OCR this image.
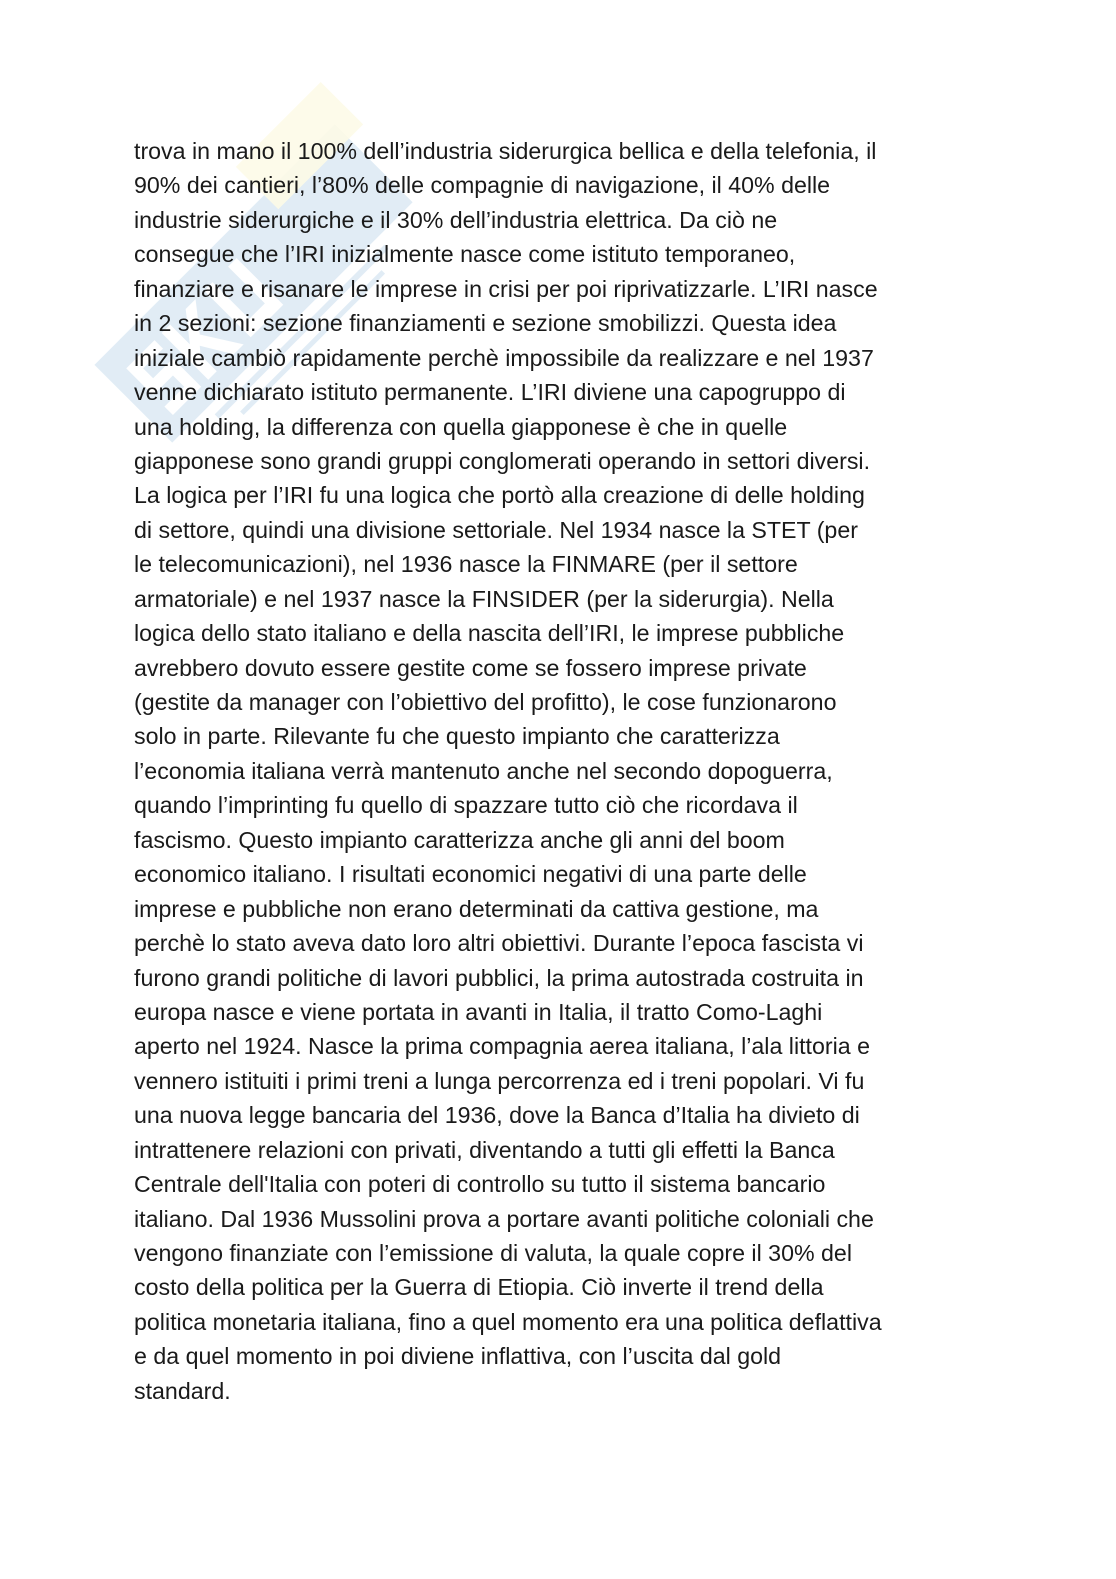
trova in mano il 100% dell’industria siderurgica bellica e della telefonia, il
90% dei cantieri, l’80% delle compagnie di navigazione, il 40% delle
industrie siderurgiche e il 30% dell’industria elettrica. Da ciò ne
consegue che l’IRI inizialmente nasce come istituto temporaneo,
finanziare e risanare le imprese in crisi per poi riprivatizzarle. L’IRI nasce
in 2 sezioni: sezione finanziamenti e sezione smobilizzi. Questa idea
iniziale cambiò rapidamente perchè impossibile da realizzare e nel 1937
venne dichiarato istituto permanente. L’IRI diviene una capogruppo di
una holding, la differenza con quella giapponese è che in quelle
giapponese sono grandi gruppi conglomerati operando in settori diversi.
La logica per l’IRI fu una logica che portò alla creazione di delle holding
di settore, quindi una divisione settoriale. Nel 1934 nasce la STET (per
le telecomunicazioni), nel 1936 nasce la FINMARE (per il settore
armatoriale) e nel 1937 nasce la FINSIDER (per la siderurgia). Nella
logica dello stato italiano e della nascita dell’IRI, le imprese pubbliche
avrebbero dovuto essere gestite come se fossero imprese private
(gestite da manager con l’obiettivo del profitto), le cose funzionarono
solo in parte. Rilevante fu che questo impianto che caratterizza
l’economia italiana verrà mantenuto anche nel secondo dopoguerra,
quando l’imprinting fu quello di spazzare tutto ciò che ricordava il
fascismo. Questo impianto caratterizza anche gli anni del boom
economico italiano. I risultati economici negativi di una parte delle
imprese e pubbliche non erano determinati da cattiva gestione, ma
perchè lo stato aveva dato loro altri obiettivi. Durante l’epoca fascista vi
furono grandi politiche di lavori pubblici, la prima autostrada costruita in
europa nasce e viene portata in avanti in Italia, il tratto Como-Laghi
aperto nel 1924. Nasce la prima compagnia aerea italiana, l’ala littoria e
vennero istituiti i primi treni a lunga percorrenza ed i treni popolari. Vi fu
una nuova legge bancaria del 1936, dove la Banca d’Italia ha divieto di
intrattenere relazioni con privati, diventando a tutti gli effetti la Banca
Centrale dell'Italia con poteri di controllo su tutto il sistema bancario
italiano. Dal 1936 Mussolini prova a portare avanti politiche coloniali che
vengono finanziate con l’emissione di valuta, la quale copre il 30% del
costo della politica per la Guerra di Etiopia. Ciò inverte il trend della
politica monetaria italiana, fino a quel momento era una politica deflattiva
e da quel momento in poi diviene inflattiva, con l’uscita dal gold
standard.
